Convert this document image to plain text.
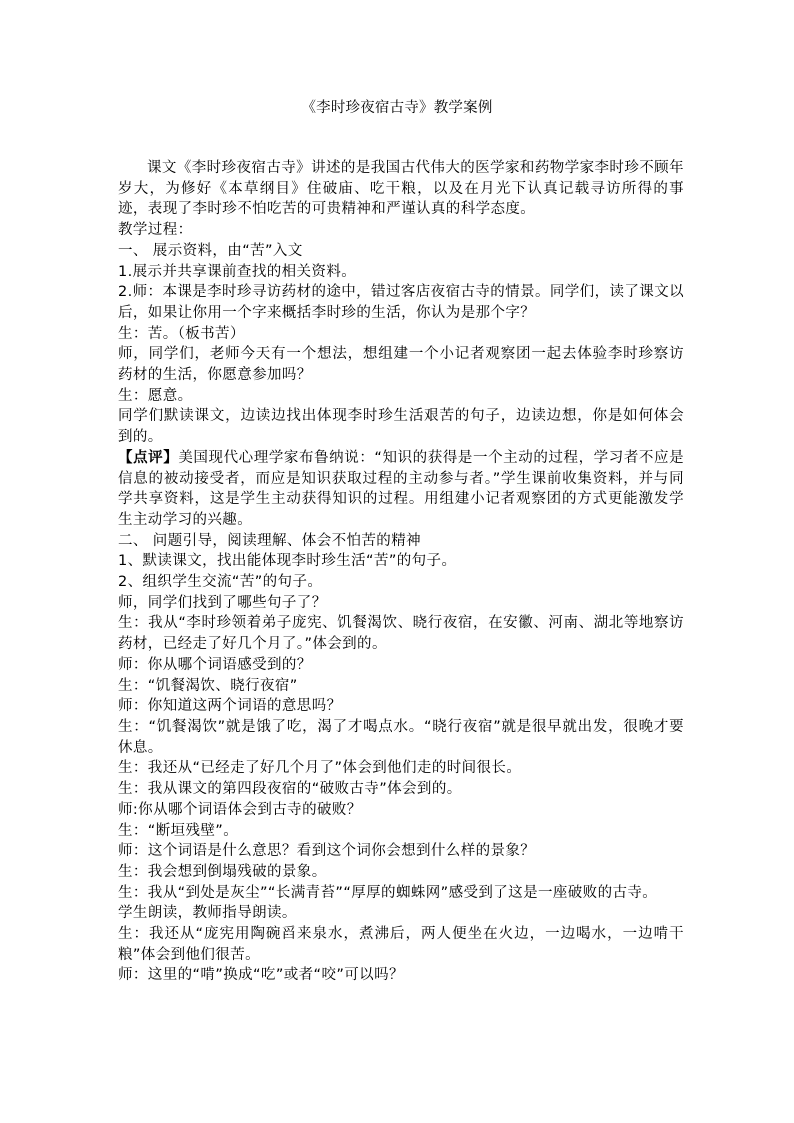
《李时珍夜宿古寺》教学案例

课文《李时珍夜宿古寺》讲述的是我国古代伟大的医学家和药物学家李时珍不顾年岁大，为修好《本草纲目》住破庙、吃干粮，以及在月光下认真记载寻访所得的事迹，表现了李时珍不怕吃苦的可贵精神和严谨认真的科学态度。

教学过程：

一、 展示资料，由“苦”入文

1.展示并共享课前查找的相关资料。

2.师：本课是李时珍寻访药材的途中，错过客店夜宿古寺的情景。同学们，读了课文以后，如果让你用一个字来概括李时珍的生活，你认为是那个字？

生：苦。（板书苦）

师，同学们，老师今天有一个想法，想组建一个小记者观察团一起去体验李时珍察访药材的生活，你愿意参加吗？

生：愿意。

同学们默读课文，边读边找出体现李时珍生活艰苦的句子，边读边想，你是如何体会到的。

【点评】美国现代心理学家布鲁纳说：“知识的获得是一个主动的过程，学习者不应是信息的被动接受者，而应是知识获取过程的主动参与者。”学生课前收集资料，并与同学共享资料，这是学生主动获得知识的过程。用组建小记者观察团的方式更能激发学生主动学习的兴趣。

二、 问题引导，阅读理解、体会不怕苦的精神

1、默读课文，找出能体现李时珍生活“苦”的句子。

2、组织学生交流“苦”的句子。

师，同学们找到了哪些句子了？

生：我从“李时珍领着弟子庞宪、饥餐渴饮、晓行夜宿，在安徽、河南、湖北等地察访药材，已经走了好几个月了。”体会到的。

师：你从哪个词语感受到的？

生：“饥餐渴饮、晓行夜宿”

师：你知道这两个词语的意思吗？

生：“饥餐渴饮”就是饿了吃，渴了才喝点水。“晓行夜宿”就是很早就出发，很晚才要休息。

生：我还从“已经走了好几个月了”体会到他们走的时间很长。

生：我从课文的第四段夜宿的“破败古寺”体会到的。

师:你从哪个词语体会到古寺的破败？

生：“断垣残壁”。

师：这个词语是什么意思？看到这个词你会想到什么样的景象？

生：我会想到倒塌残破的景象。

生：我从“到处是灰尘”“长满青苔”“厚厚的蜘蛛网”感受到了这是一座破败的古寺。

学生朗读，教师指导朗读。

生：我还从“庞宪用陶碗舀来泉水，煮沸后，两人便坐在火边，一边喝水，一边啃干粮”体会到他们很苦。

师：这里的“啃”换成“吃”或者“咬”可以吗？
